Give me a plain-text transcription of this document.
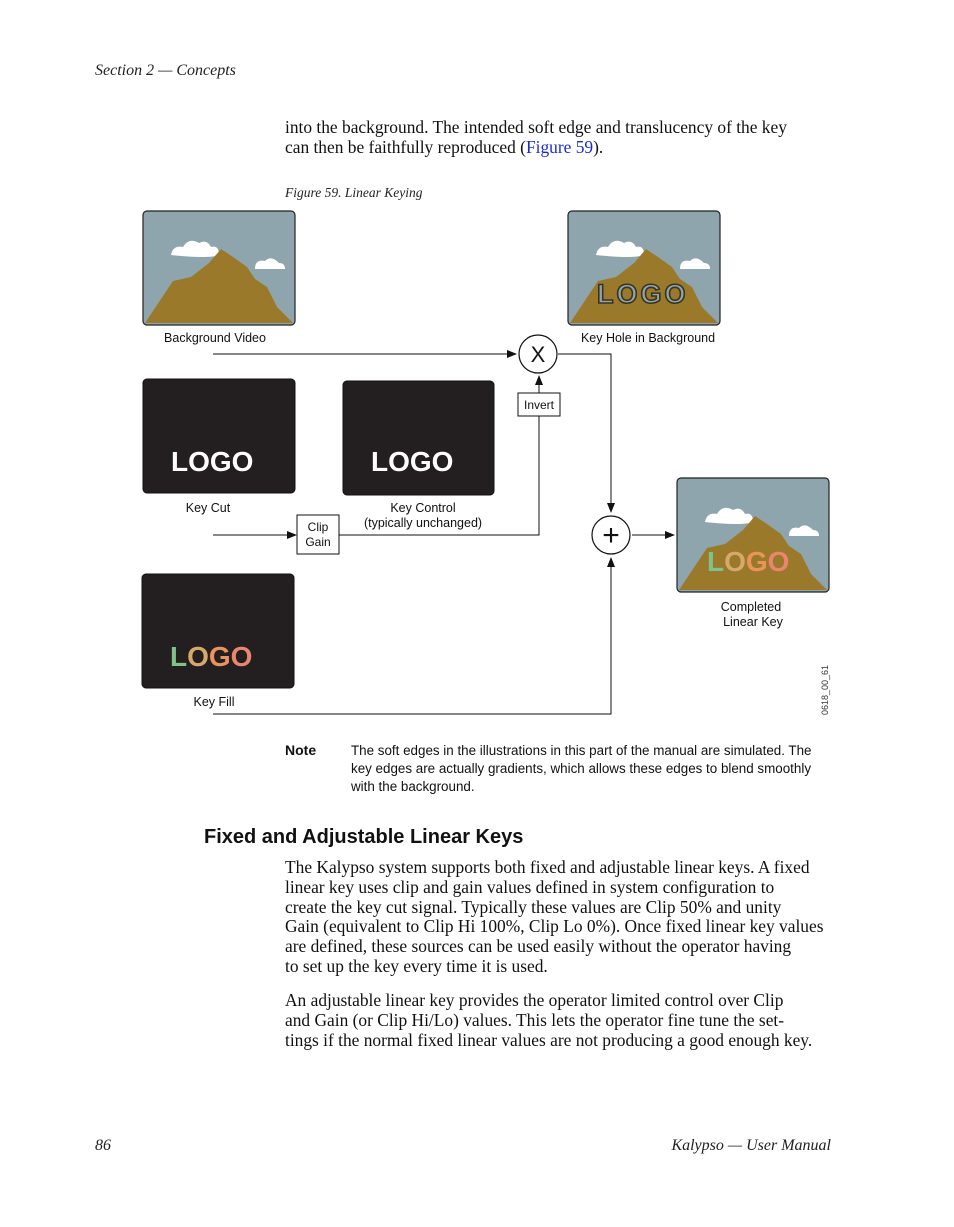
Section 2 — Concepts
into the background. The intended soft edge and translucency of the key
can then be faithfully reproduced (Figure 59).
Figure 59. Linear Keying
LOGO
LOGO	LOGO
LOGO
LOGO
Background Video	Key Hole in Background
Key Cut	Key Control
(typically unchanged)
Key Fill
Completed
Linear Key
X
+
Invert
Clip
Gain
0618_00_61
Note	The soft edges in the illustrations in this part of the manual are simulated. The
key edges are actually gradients, which allows these edges to blend smoothly
with the background.
Fixed and Adjustable Linear Keys
The Kalypso system supports both fixed and adjustable linear keys. A fixed
linear key uses clip and gain values defined in system configuration to
create the key cut signal. Typically these values are Clip 50% and unity
Gain (equivalent to Clip Hi 100%, Clip Lo 0%). Once fixed linear key values
are defined, these sources can be used easily without the operator having
to set up the key every time it is used.
An adjustable linear key provides the operator limited control over Clip
and Gain (or Clip Hi/Lo) values. This lets the operator fine tune the set-
tings if the normal fixed linear values are not producing a good enough key.
86	Kalypso — User Manual
